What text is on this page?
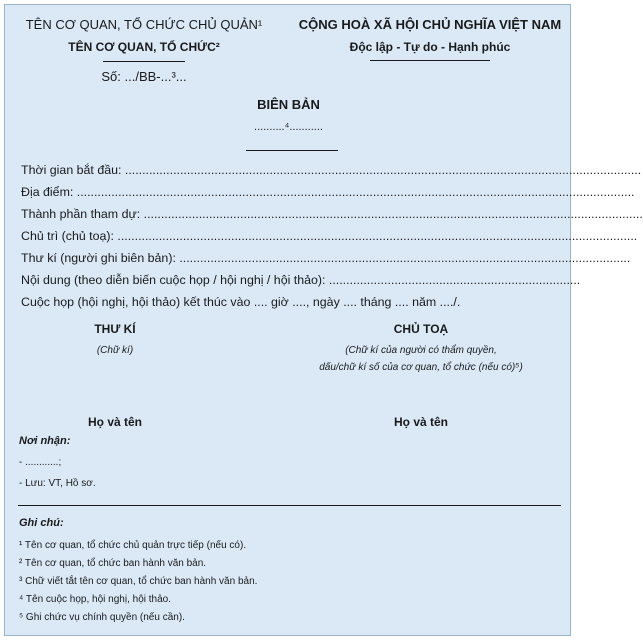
TÊN CƠ QUAN, TỔ CHỨC CHỦ QUẢN¹
TÊN CƠ QUAN, TỔ CHỨC²
Số: .../BB-...³...
CỘNG HOÀ XÃ HỘI CHỦ NGHĨA VIỆT NAM
Độc lập - Tự do - Hạnh phúc
BIÊN BẢN
..........⁴...........
Thời gian bắt đầu: ......................................................................................................................................................
Địa điểm: ..................................................................................................................................................................
Thành phần tham dự: .................................................................................................................................................
Chủ trì (chủ toạ): .......................................................................................................................................................
Thư kí (người ghi biên bản): ...................................................................................................................................
Nội dung (theo diễn biến cuộc họp / hội nghị / hội thảo): .........................................................................
Cuộc họp (hội nghị, hội thảo) kết thúc vào .... giờ ...., ngày .... tháng .... năm ..../.
THƯ KÍ
(Chữ kí)
CHỦ TOẠ
(Chữ kí của người có thẩm quyền,
dấu/chữ kí số của cơ quan, tổ chức (nếu có)⁵)
Họ và tên	Họ và tên
Nơi nhận:
- ............;
- Lưu: VT, Hồ sơ.
Ghi chú:
¹ Tên cơ quan, tổ chức chủ quản trực tiếp (nếu có).
² Tên cơ quan, tổ chức ban hành văn bản.
³ Chữ viết tắt tên cơ quan, tổ chức ban hành văn bản.
⁴ Tên cuộc họp, hội nghị, hội thảo.
⁵ Ghi chức vụ chính quyền (nếu cần).
